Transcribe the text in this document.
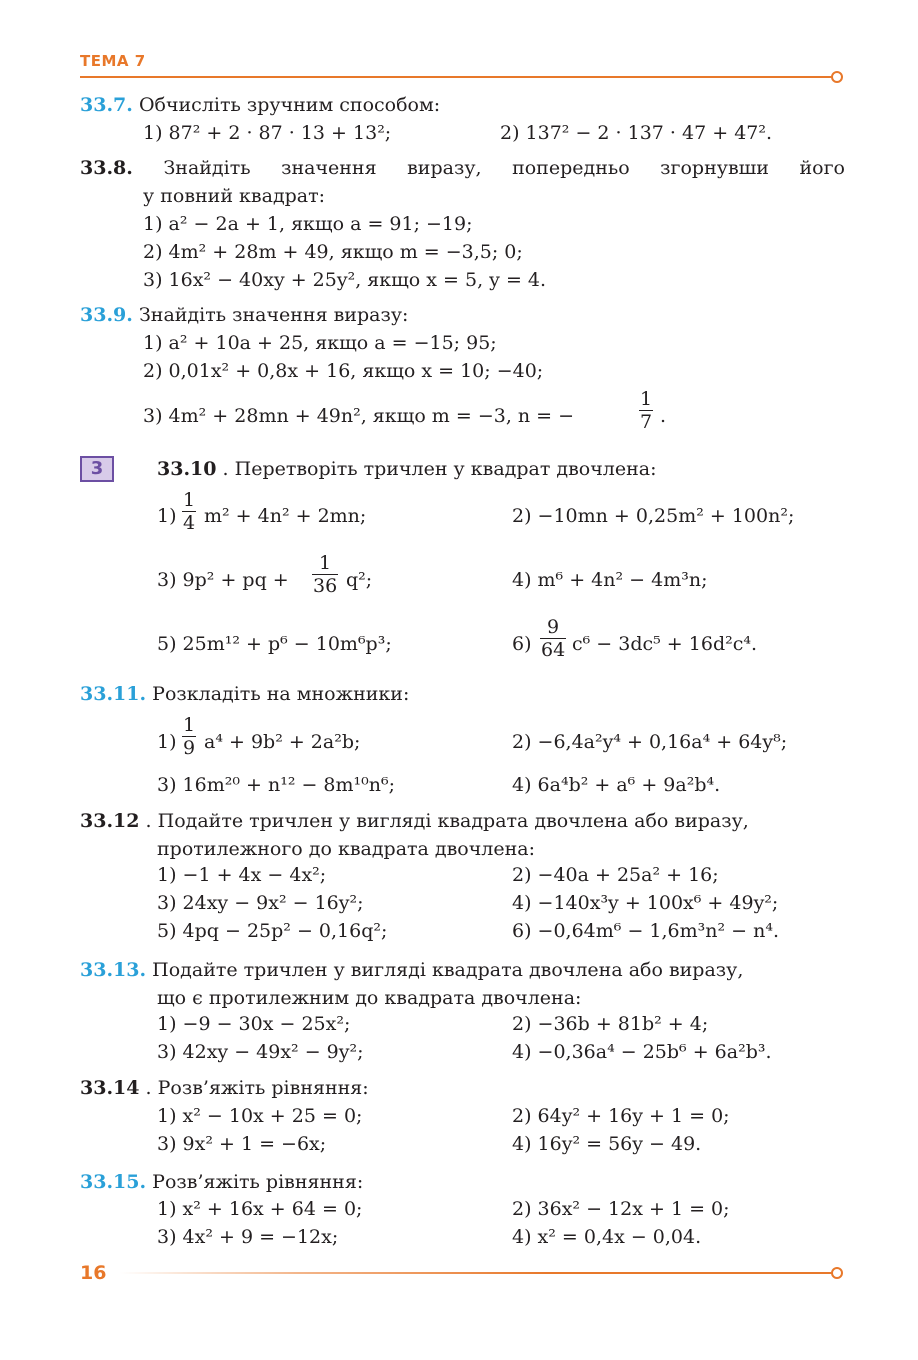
ТЕМА 7
3
33.7. Обчисліть зручним способом:
1) 87² + 2 · 87 · 13 + 13²;	2) 137² − 2 · 137 · 47 + 47².
33.8. Знайдіть значення виразу, попередньо згорнувши його
у повний квадрат:
1) a² − 2a + 1, якщо a = 91; −19;
2) 4m² + 28m + 49, якщо m = −3,5; 0;
3) 16x² − 40xy + 25y², якщо x = 5, y = 4.
33.9. Знайдіть значення виразу:
1) a² + 10a + 25, якщо a = −15; 95;
2) 0,01x² + 0,8x + 16, якщо x = 10; −40;
3) 4m² + 28mn + 49n², якщо m = −3, n = −	.
33.10 . Перетворіть тричлен у квадрат двочлена:
1) m² + 4n² + 2mn;	2) −10mn + 0,25m² + 100n²;
3) 9p² + pq +	q²;	4) m⁶ + 4n² − 4m³n;
5) 25m¹² + p⁶ − 10m⁶p³;	6) c⁶ − 3dc⁵ + 16d²c⁴.
33.11. Розкладіть на множники:
1) a⁴ + 9b² + 2a²b;	2) −6,4a²y⁴ + 0,16a⁴ + 64y⁸;
3) 16m²⁰ + n¹² − 8m¹⁰n⁶;	4) 6a⁴b² + a⁶ + 9a²b⁴.
33.12 . Подайте тричлен у вигляді квадрата двочлена або виразу,
протилежного до квадрата двочлена:
1) −1 + 4x − 4x²;	2) −40a + 25a² + 16;
3) 24xy − 9x² − 16y²;	4) −140x³y + 100x⁶ + 49y²;
5) 4pq − 25p² − 0,16q²;	6) −0,64m⁶ − 1,6m³n² − n⁴.
33.13. Подайте тричлен у вигляді квадрата двочлена або виразу,
що є протилежним до квадрата двочлена:
1) −9 − 30x − 25x²;	2) −36b + 81b² + 4;
3) 42xy − 49x² − 9y²;	4) −0,36a⁴ − 25b⁶ + 6a²b³.
33.14 . Розв’яжіть рівняння:
1) x² − 10x + 25 = 0;	2) 64y² + 16y + 1 = 0;
3) 9x² + 1 = −6x;	4) 16y² = 56y − 49.
33.15. Розв’яжіть рівняння:
1) x² + 16x + 64 = 0;	2) 36x² − 12x + 1 = 0;
3) 4x² + 9 = −12x;	4) x² = 0,4x − 0,04.
$\frac{1}{7}$
$\frac{1}{4}$
$\frac{1}{36}$
$\frac{9}{64}$
$\frac{1}{9}$
16
